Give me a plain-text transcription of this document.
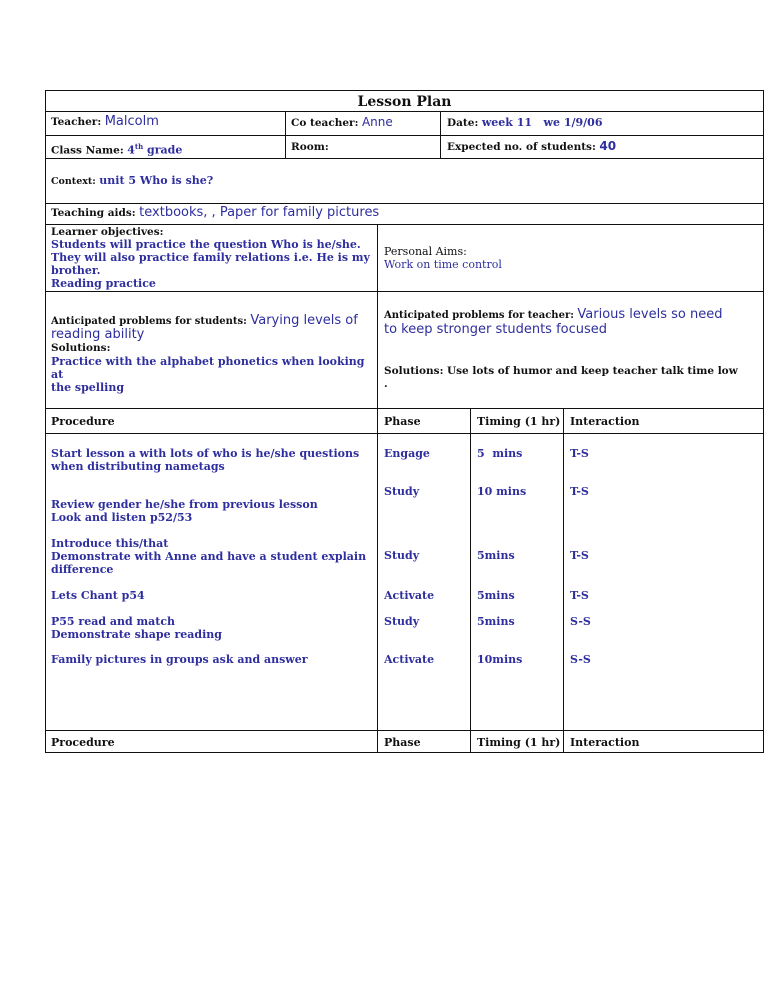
Lesson Plan
Teacher: Malcolm	Co teacher: Anne	Date: week 11   we 1/9/06
Class Name: 4th grade	Room:	Expected no. of students: 40
Context: unit 5 Who is she?
Teaching aids: textbooks, , Paper for family pictures
Learner objectives:
Students will practice the question Who is he/she.
They will also practice family relations i.e. He is my
brother.
Reading practice
Personal Aims:
Work on time control
Anticipated problems for students: Varying levels of reading ability
Solutions:
Practice with the alphabet phonetics when looking at
the spelling
Anticipated problems for teacher: Various levels so need to keep stronger students focused
Solutions: Use lots of humor and keep teacher talk time low
.
Procedure	Phase	Timing (1 hr) Interaction
Start lesson a with lots of who is he/she questions
when distributing nametags
Engage	5  mins	T-S
Review gender he/she from previous lesson
Look and listen p52/53
Study	10 mins	T-S
Introduce this/that
Demonstrate with Anne and have a student explain
difference
Study	5mins	T-S
Lets Chant p54	Activate	5mins	T-S
P55 read and match
Demonstrate shape reading
Study	5mins	S-S
Family pictures in groups ask and answer	Activate	10mins	S-S
Procedure	Phase	Timing (1 hr) Interaction
